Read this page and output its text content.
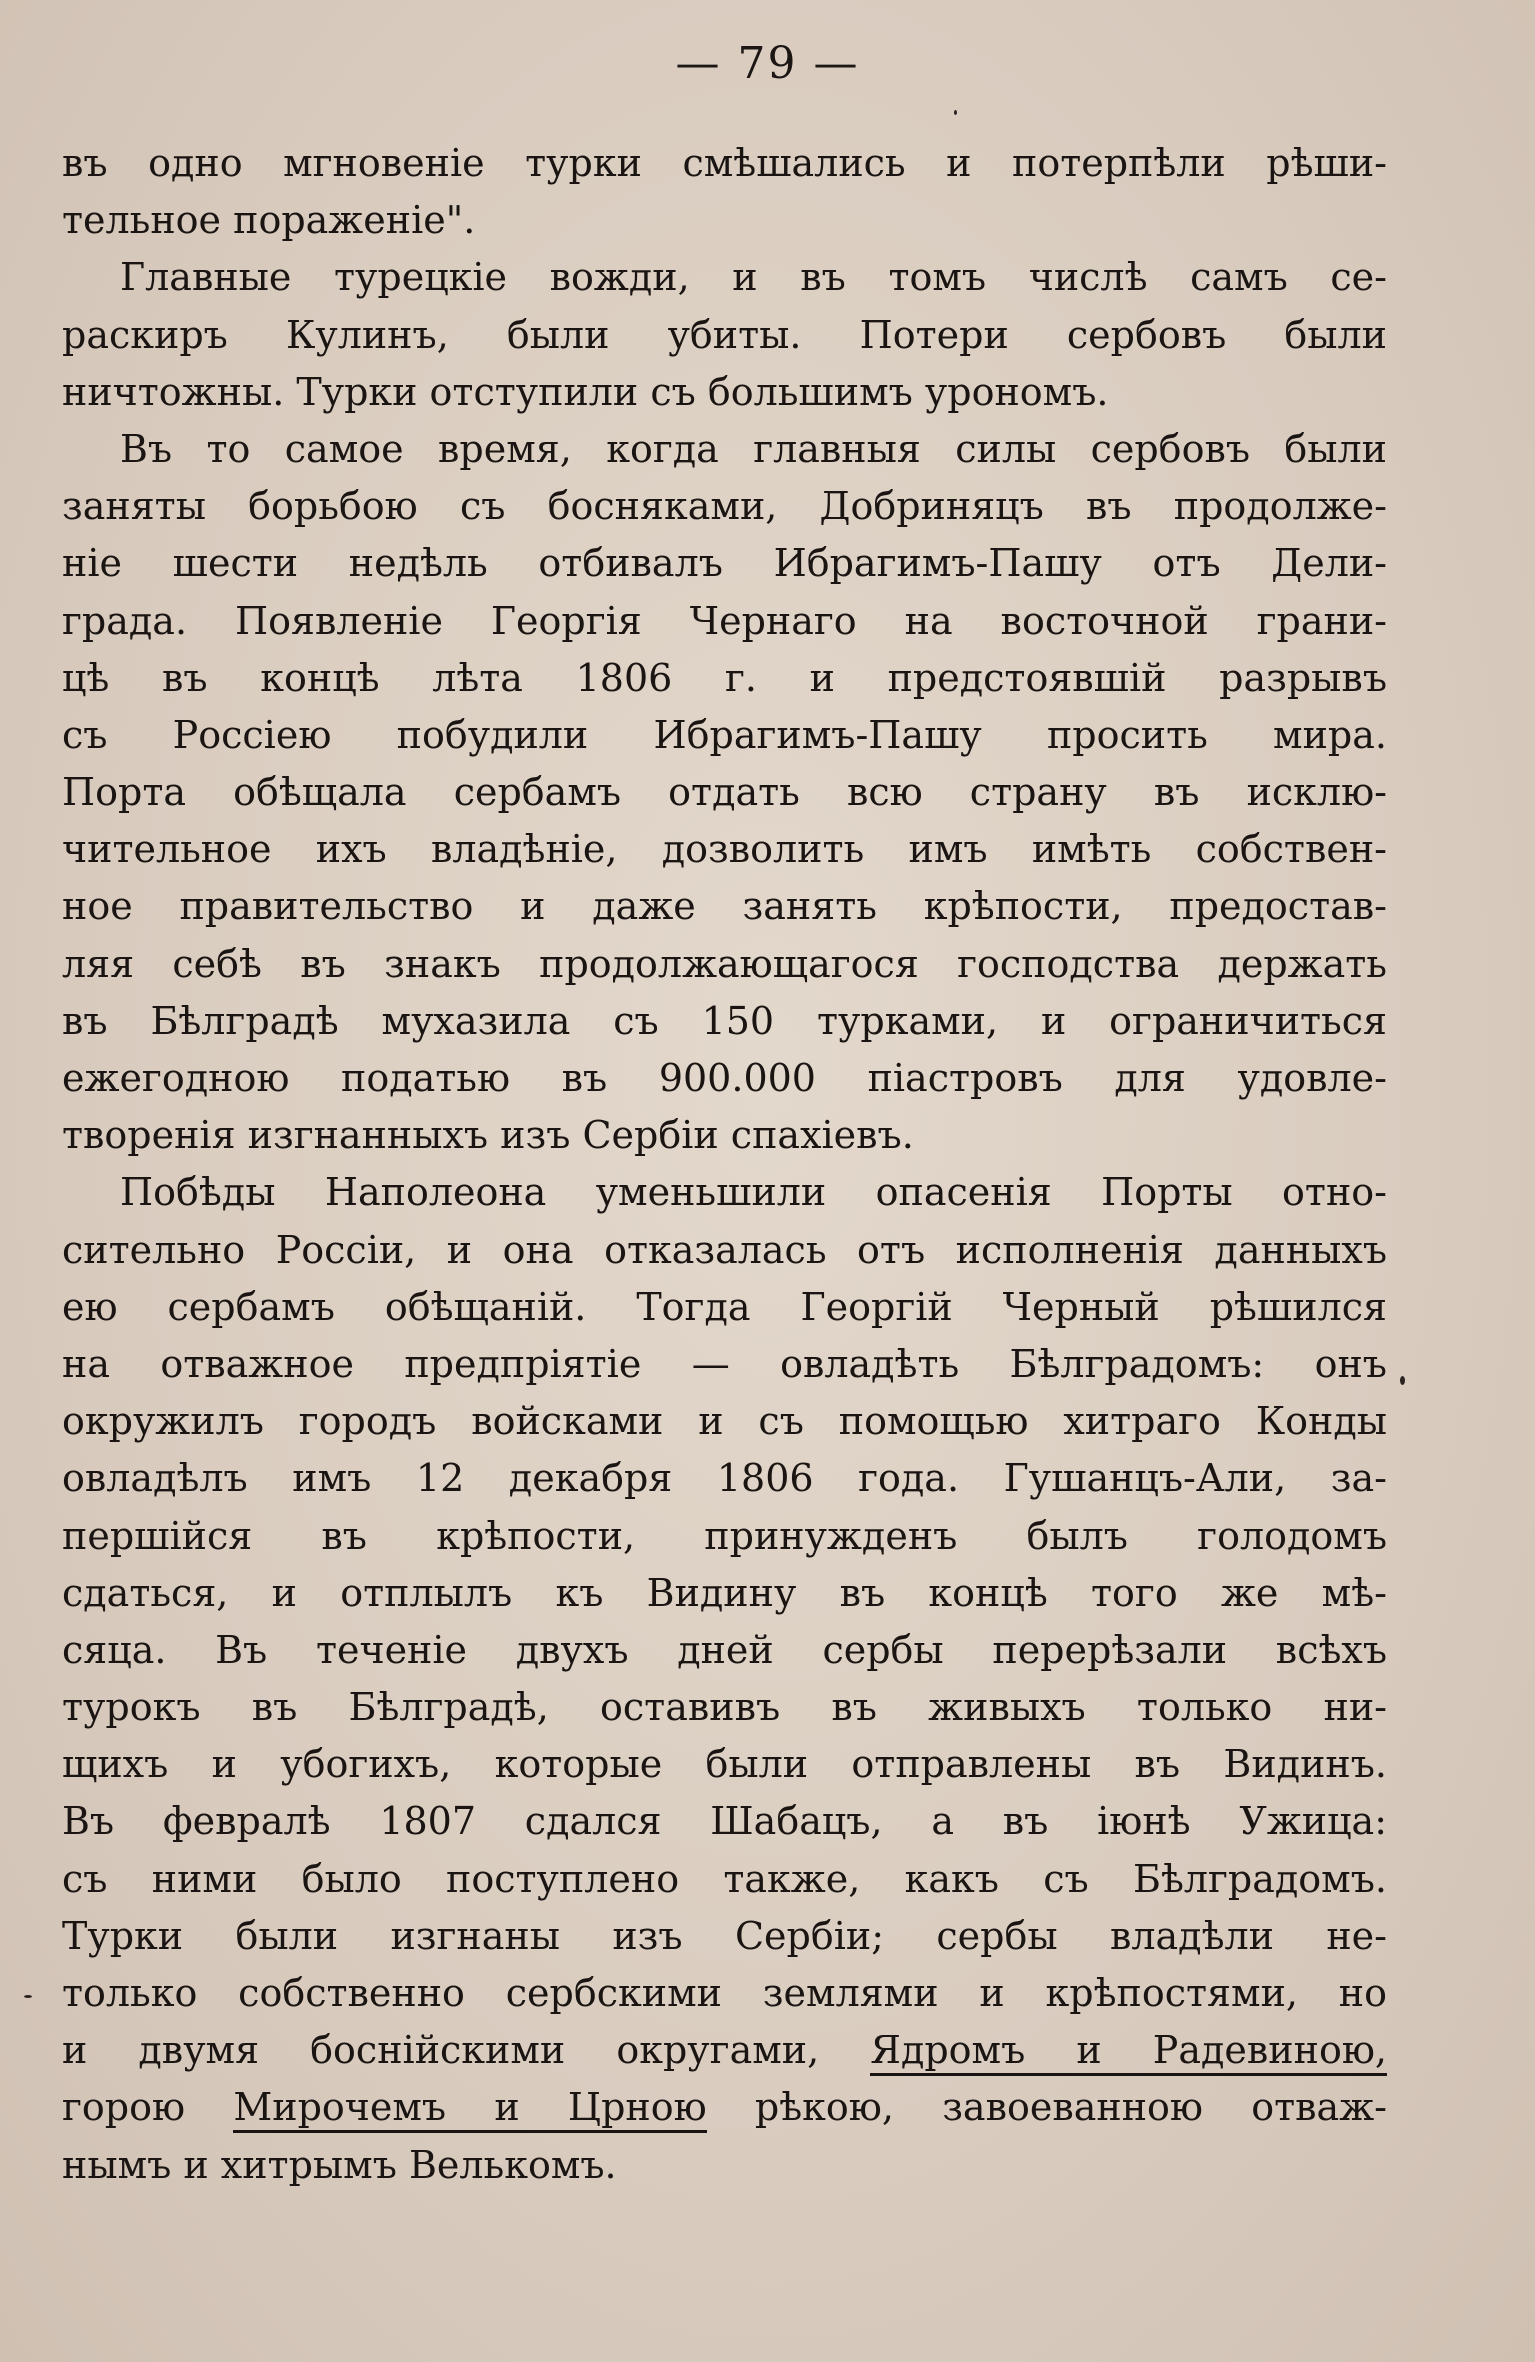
— 79 —
въ одно мгновеніе турки смѣшались и потерпѣли рѣши-
тельное пораженіе".
Главные турецкіе вожди, и въ томъ числѣ самъ се-
раскиръ Кулинъ, были убиты. Потери сербовъ были
ничтожны. Турки отступили съ большимъ урономъ.
Въ то самое время, когда главныя силы сербовъ были
заняты борьбою съ босняками, Добриняцъ въ продолже-
ніе шести недѣль отбивалъ Ибрагимъ-Пашу отъ Дели-
града. Появленіе Георгія Чернаго на восточной грани-
цѣ въ концѣ лѣта 1806 г. и предстоявшій разрывъ
съ Россіею побудили Ибрагимъ-Пашу просить мира.
Порта обѣщала сербамъ отдать всю страну въ исклю-
чительное ихъ владѣніе, дозволить имъ имѣть собствен-
ное правительство и даже занять крѣпости, предостав-
ляя себѣ въ знакъ продолжающагося господства держать
въ Бѣлградѣ мухазила съ 150 турками, и ограничиться
ежегодною податью въ 900.000 піастровъ для удовле-
творенія изгнанныхъ изъ Сербіи спахіевъ.
Побѣды Наполеона уменьшили опасенія Порты отно-
сительно Россіи, и она отказалась отъ исполненія данныхъ
ею сербамъ обѣщаній. Тогда Георгій Черный рѣшился
на отважное предпріятіе — овладѣть Бѣлградомъ: онъ
окружилъ городъ войсками и съ помощью хитраго Конды
овладѣлъ имъ 12 декабря 1806 года. Гушанцъ-Али, за-
першійся въ крѣпости, принужденъ былъ голодомъ
сдаться, и отплылъ къ Видину въ концѣ того же мѣ-
сяца. Въ теченіе двухъ дней сербы перерѣзали всѣхъ
турокъ въ Бѣлградѣ, оставивъ въ живыхъ только ни-
щихъ и убогихъ, которые были отправлены въ Видинъ.
Въ февралѣ 1807 сдался Шабацъ, а въ іюнѣ Ужица:
съ ними было поступлено также, какъ съ Бѣлградомъ.
Турки были изгнаны изъ Сербіи; сербы владѣли не-
только собственно сербскими землями и крѣпостями, но
и двумя боснійскими округами, Ядромъ и Радевиною,
горою Мирочемъ и Црною рѣкою, завоеванною отваж-
нымъ и хитрымъ Велькомъ.
